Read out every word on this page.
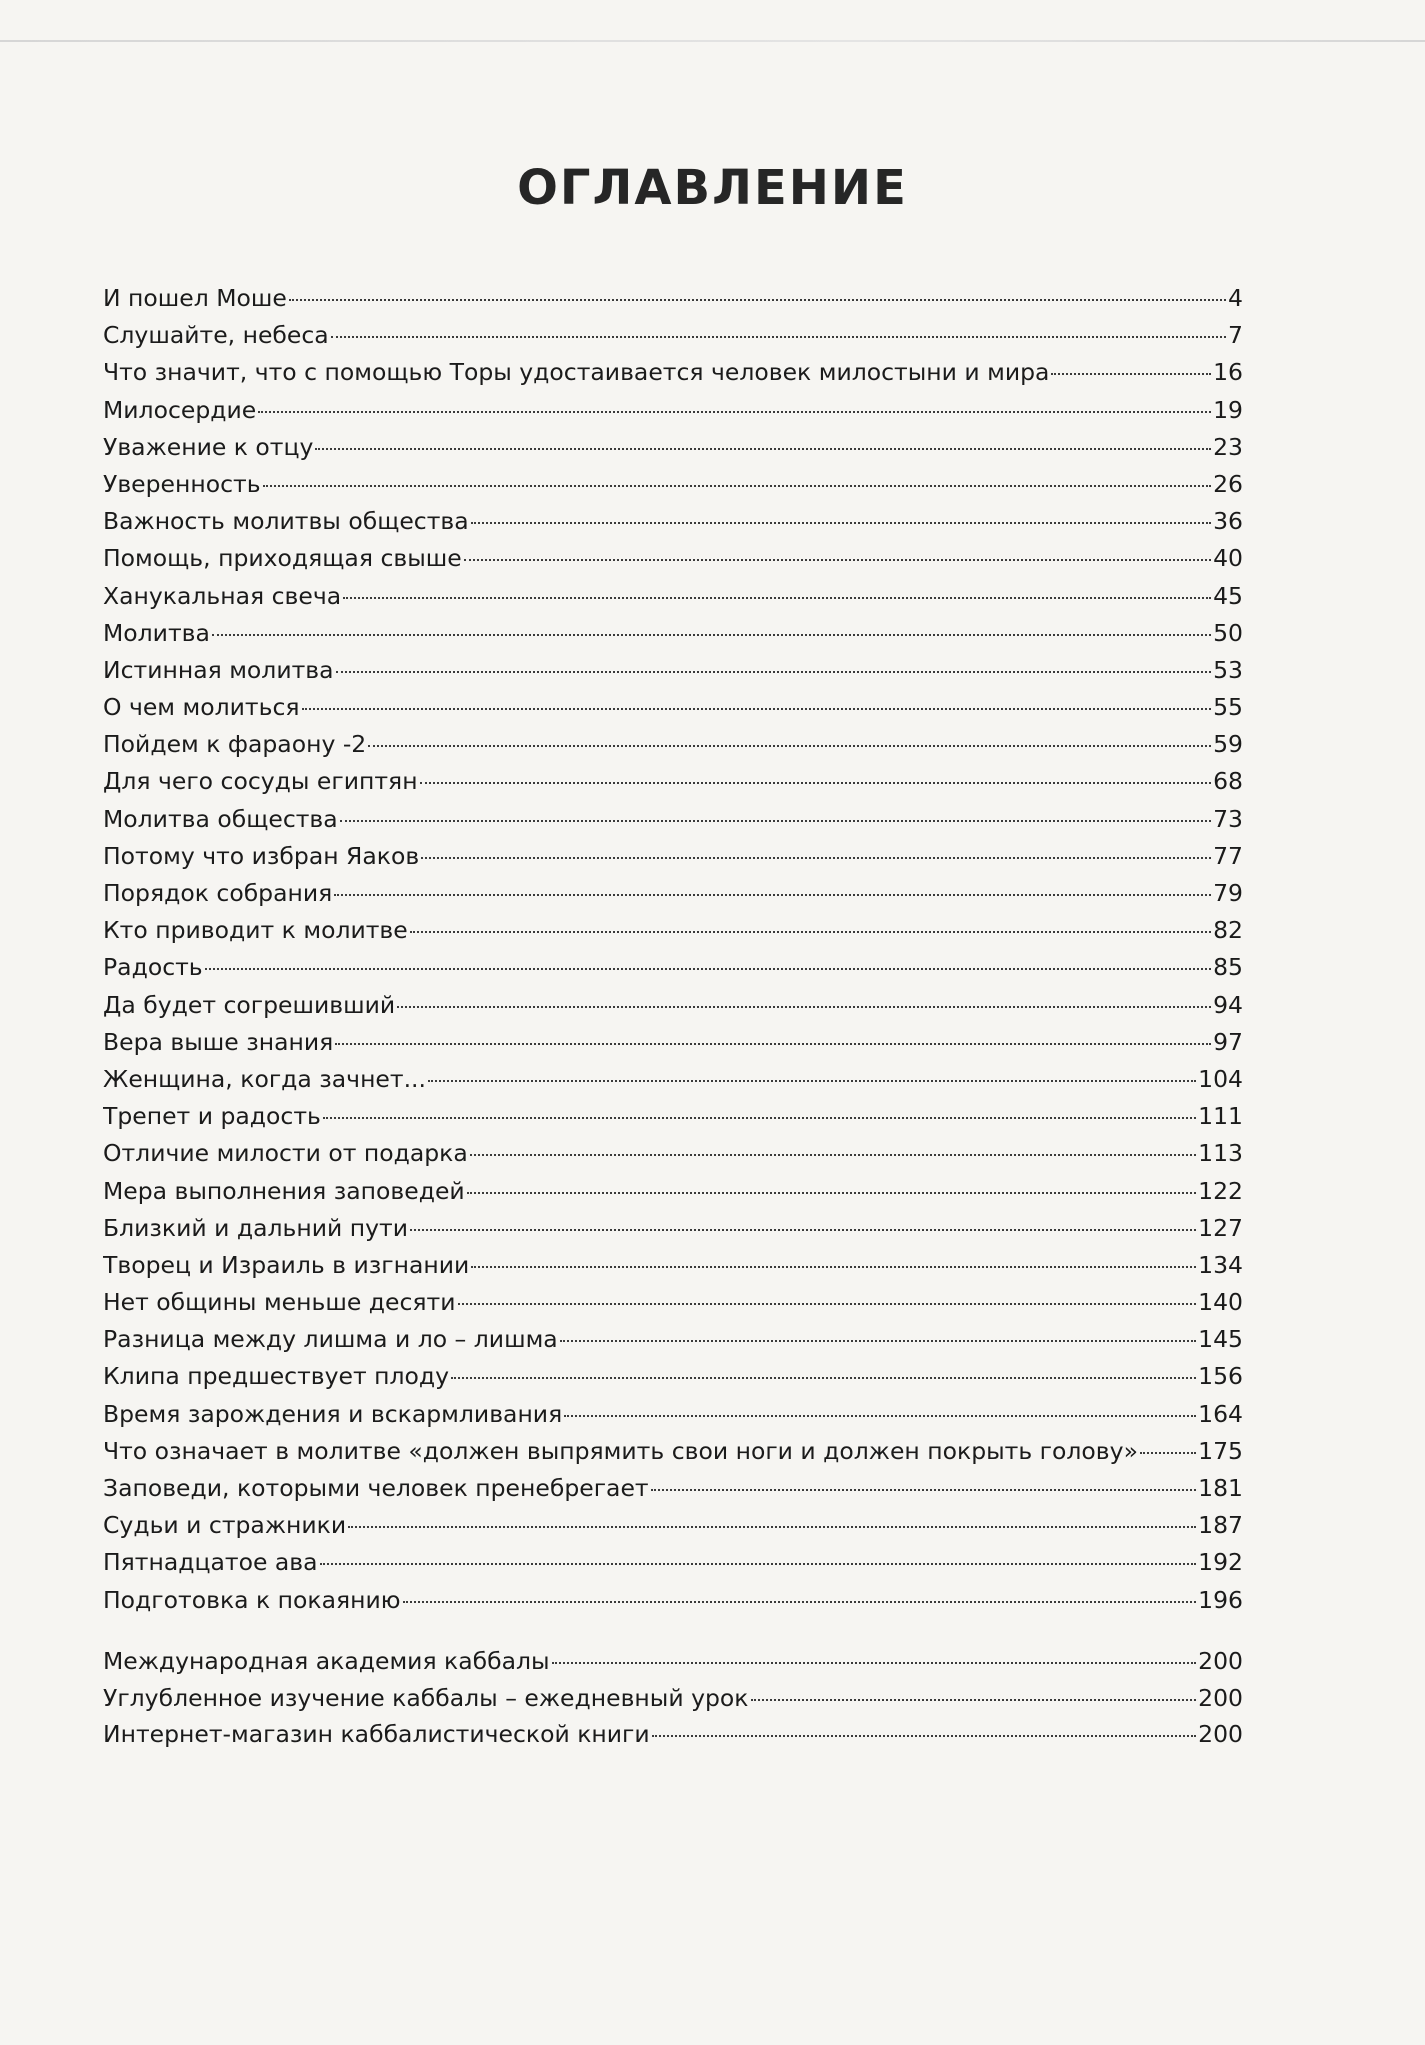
ОГЛАВЛЕНИЕ
И пошел Моше	4
Слушайте, небеса	7
Что значит, что с помощью Торы удостаивается человек милостыни и мира	16
Милосердие	19
Уважение к отцу	23
Уверенность	26
Важность молитвы общества	36
Помощь, приходящая свыше	40
Ханукальная свеча	45
Молитва	50
Истинная молитва	53
О чем молиться	55
Пойдем к фараону -2	59
Для чего сосуды египтян	68
Молитва общества	73
Потому что избран Яаков	77
Порядок собрания	79
Кто приводит к молитве	82
Радость	85
Да будет согрешивший	94
Вера выше знания	97
Женщина, когда зачнет...	104
Трепет и радость	111
Отличие милости от подарка	113
Мера выполнения заповедей	122
Близкий и дальний пути	127
Творец и Израиль в изгнании	134
Нет общины меньше десяти	140
Разница между лишма и ло – лишма	145
Клипа предшествует плоду	156
Время зарождения и вскармливания	164
Что означает в молитве «должен выпрямить свои ноги и должен покрыть голову»	175
Заповеди, которыми человек пренебрегает	181
Судьи и стражники	187
Пятнадцатое ава	192
Подготовка к покаянию	196
Международная академия каббалы	200
Углубленное изучение каббалы – ежедневный урок	200
Интернет-магазин каббалистической книги	200
